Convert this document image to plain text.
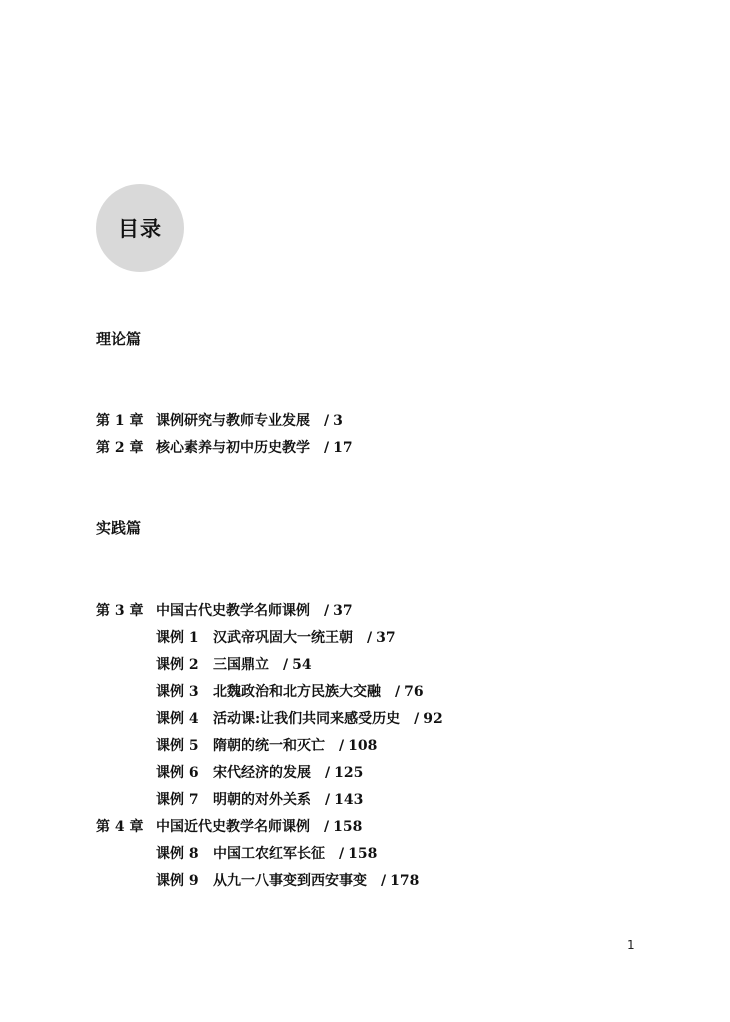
目录
理论篇
第 1 章 课例研究与教师专业发展 / 3
第 2 章 核心素养与初中历史教学 / 17
实践篇
第 3 章 中国古代史教学名师课例 / 37
课例 1	汉武帝巩固大一统王朝 / 37
课例 2	三国鼎立 / 54
课例 3	北魏政治和北方民族大交融 / 76
课例 4	活动课:让我们共同来感受历史 / 92
课例 5	隋朝的统一和灭亡 / 108
课例 6	宋代经济的发展 / 125
课例 7	明朝的对外关系 / 143
第 4 章 中国近代史教学名师课例 / 158
课例 8	中国工农红军长征 / 158
课例 9	从九一八事变到西安事变 / 178
1
